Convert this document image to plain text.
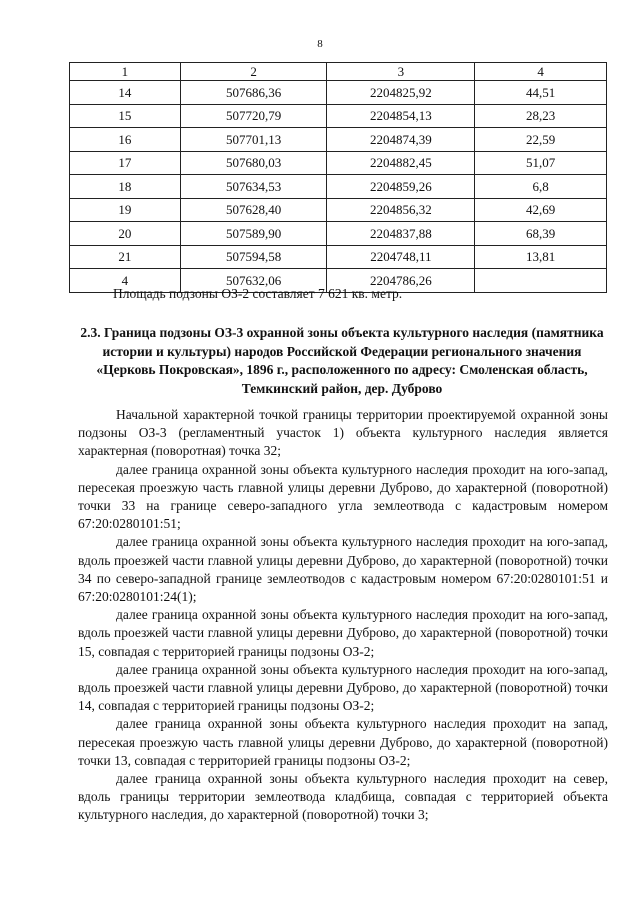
8
1	2	3	4
14	507686,36	2204825,92	44,51
15	507720,79	2204854,13	28,23
16	507701,13	2204874,39	22,59
17	507680,03	2204882,45	51,07
18	507634,53	2204859,26	6,8
19	507628,40	2204856,32	42,69
20	507589,90	2204837,88	68,39
21	507594,58	2204748,11	13,81
4	507632,06	2204786,26	
Площадь подзоны ОЗ-2 составляет 7 621 кв. метр.
2.3. Граница подзоны ОЗ-3 охранной зоны объекта культурного наследия (памятника истории и культуры) народов Российской Федерации регионального значения «Церковь Покровская», 1896 г., расположенного по адресу: Смоленская область, Темкинский район, дер. Дуброво

Начальной характерной точкой границы территории проектируемой охранной зоны подзоны ОЗ-3 (регламентный участок 1) объекта культурного наследия является характерная (поворотная) точка 32;

далее граница охранной зоны объекта культурного наследия проходит на юго-запад, пересекая проезжую часть главной улицы деревни Дуброво, до характерной (поворотной) точки 33 на границе северо-западного угла землеотвода с кадастровым номером 67:20:0280101:51;

далее граница охранной зоны объекта культурного наследия проходит на юго-запад, вдоль проезжей части главной улицы деревни Дуброво, до характерной (поворотной) точки 34 по северо-западной границе землеотводов с кадастровым номером 67:20:0280101:51 и 67:20:0280101:24(1);

далее граница охранной зоны объекта культурного наследия проходит на юго-запад, вдоль проезжей части главной улицы деревни Дуброво, до характерной (поворотной) точки 15, совпадая с территорией границы подзоны ОЗ-2;

далее граница охранной зоны объекта культурного наследия проходит на юго-запад, вдоль проезжей части главной улицы деревни Дуброво, до характерной (поворотной) точки 14, совпадая с территорией границы подзоны ОЗ-2;

далее граница охранной зоны объекта культурного наследия проходит на запад, пересекая проезжую часть главной улицы деревни Дуброво, до характерной (поворотной) точки 13, совпадая с территорией границы подзоны ОЗ-2;

далее граница охранной зоны объекта культурного наследия проходит на север, вдоль границы территории землеотвода кладбища, совпадая с территорией объекта культурного наследия, до характерной (поворотной) точки 3;
